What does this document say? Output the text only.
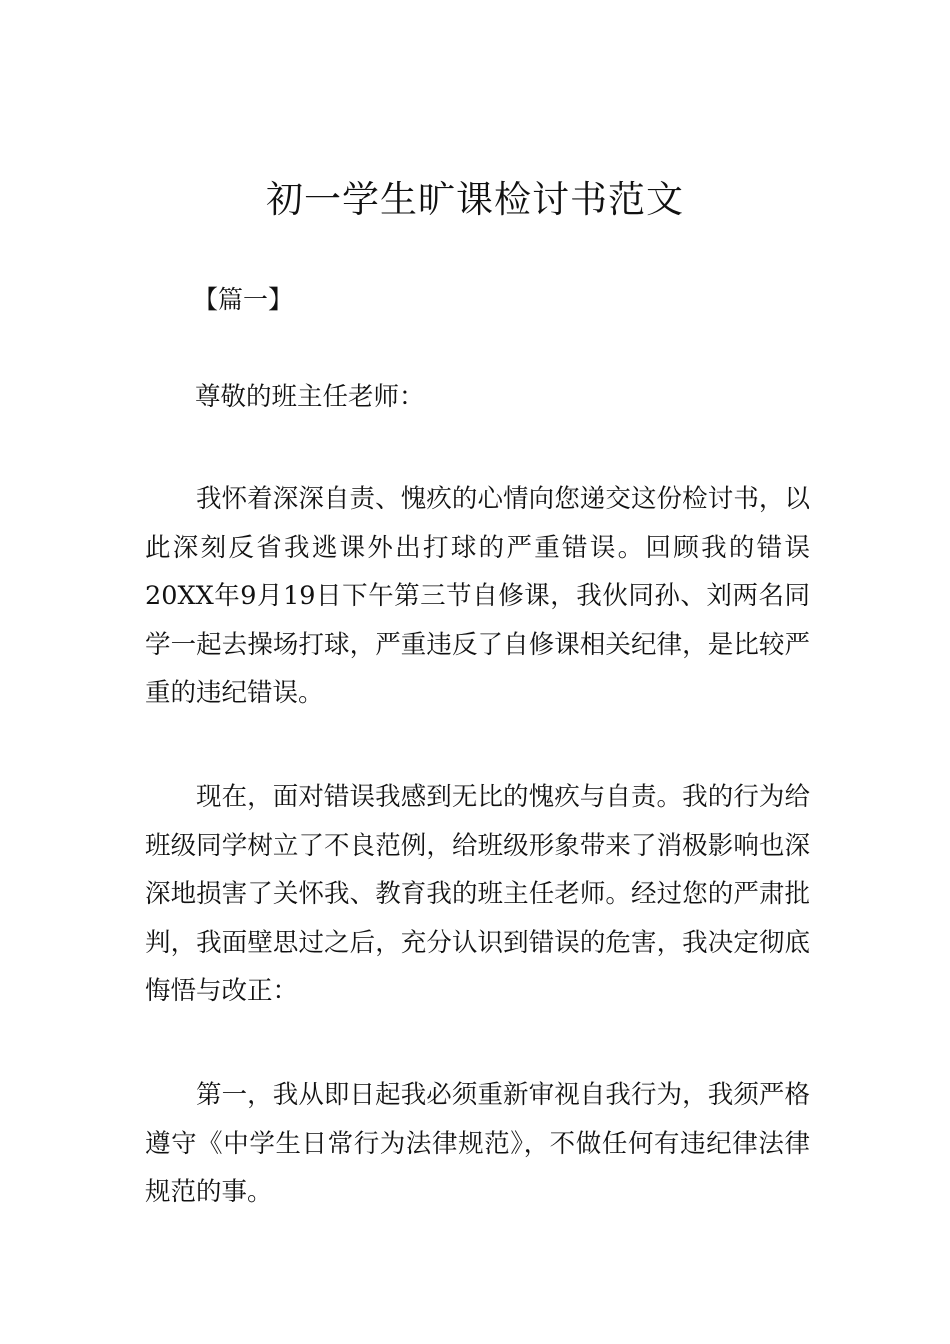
初一学生旷课检讨书范文
【篇一】
尊敬的班主任老师：

我怀着深深自责、愧疚的心情向您递交这份检讨书，以此深刻反省我逃课外出打球的严重错误。回顾我的错误20XX年9月19日下午第三节自修课，我伙同孙、刘两名同学一起去操场打球，严重违反了自修课相关纪律，是比较严重的违纪错误。

现在，面对错误我感到无比的愧疚与自责。我的行为给班级同学树立了不良范例，给班级形象带来了消极影响也深深地损害了关怀我、教育我的班主任老师。经过您的严肃批判，我面壁思过之后，充分认识到错误的危害，我决定彻底悔悟与改正：

第一，我从即日起我必须重新审视自我行为，我须严格遵守《中学生日常行为法律规范》，不做任何有违纪律法律规范的事。
